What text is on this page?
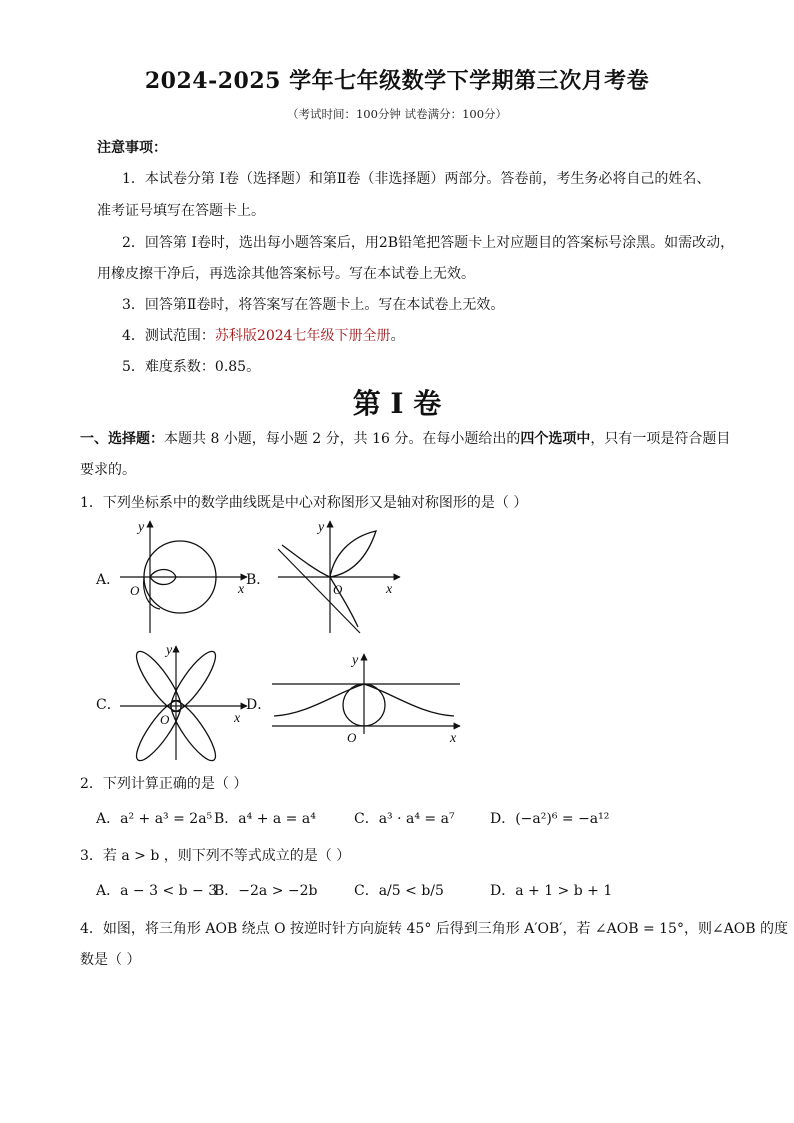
2024-2025 学年七年级数学下学期第三次月考卷
（考试时间：100分钟 试卷满分：100分）
注意事项：
1．本试卷分第 Ⅰ卷（选择题）和第Ⅱ卷（非选择题）两部分。答卷前，考生务必将自己的姓名、
准考证号填写在答题卡上。
2．回答第 Ⅰ卷时，选出每小题答案后，用2B铅笔把答题卡上对应题目的答案标号涂黑。如需改动，
用橡皮擦干净后，再选涂其他答案标号。写在本试卷上无效。
3．回答第Ⅱ卷时，将答案写在答题卡上。写在本试卷上无效。
4．测试范围：苏科版2024七年级下册全册。
5．难度系数：0.85。
第 I 卷
一、选择题：本题共 8 小题，每小题 2 分，共 16 分。在每小题给出的四个选项中，只有一项是符合题目
要求的。
1．下列坐标系中的数学曲线既是中心对称图形又是轴对称图形的是（ ）
A．	B．
C．	D．
y
x
O
y
x
O
y
x
O
y
x
O
2．下列计算正确的是（ ）
A．a² + a³ = 2a⁵ B．a⁴ + a = a⁴	C．a³ · a⁴ = a⁷	D．(−a²)⁶ = −a¹²
3．若 a > b ，则下列不等式成立的是（ ）
A．a − 3 < b − 3
B．−2a > −2b	C．a/5 < b/5	D．a + 1 > b + 1
4．如图，将三角形 AOB 绕点 O 按逆时针方向旋转 45° 后得到三角形 A′OB′，若 ∠AOB = 15°，则∠AOB 的度
数是（ ）
